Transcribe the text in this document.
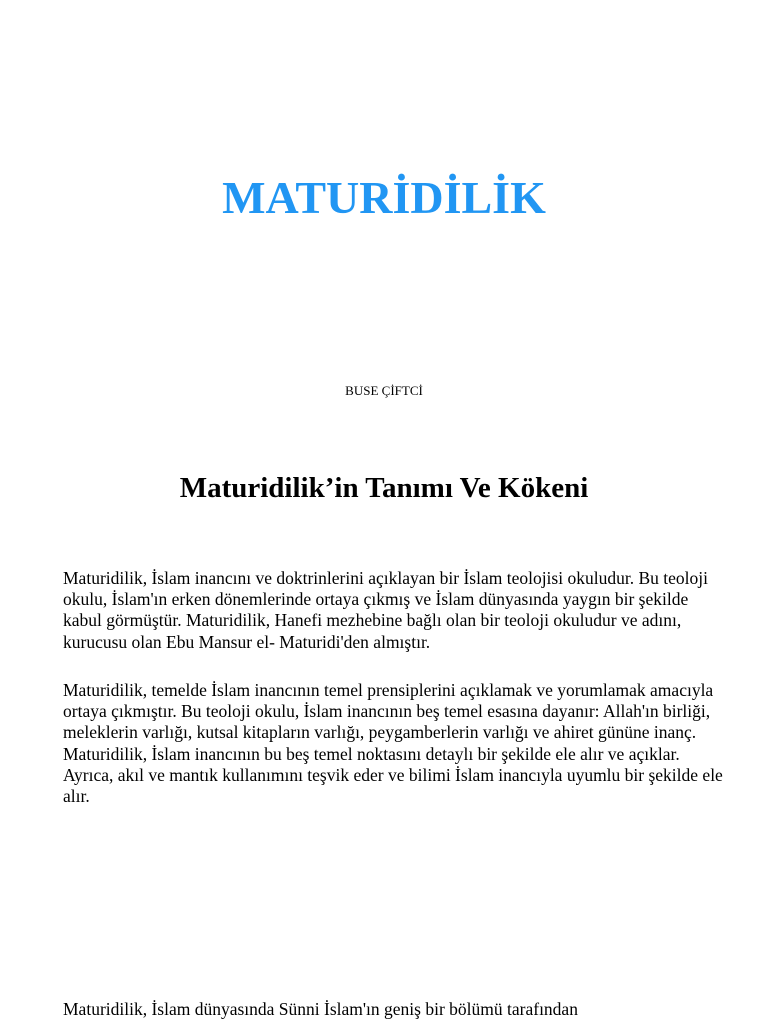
MATURİDİLİK

BUSE ÇİFTCİ

Maturidilik’in Tanımı Ve Kökeni

Maturidilik, İslam inancını ve doktrinlerini açıklayan bir İslam teolojisi okuludur. Bu teoloji okulu, İslam'ın erken dönemlerinde ortaya çıkmış ve İslam dünyasında yaygın bir şekilde kabul görmüştür. Maturidilik, Hanefi mezhebine bağlı olan bir teoloji okuludur ve adını, kurucusu olan Ebu Mansur el- Maturidi'den almıştır.

Maturidilik, temelde İslam inancının temel prensiplerini açıklamak ve yorumlamak amacıyla ortaya çıkmıştır. Bu teoloji okulu, İslam inancının beş temel esasına dayanır: Allah'ın birliği, meleklerin varlığı, kutsal kitapların varlığı, peygamberlerin varlığı ve ahiret gününe inanç. Maturidilik, İslam inancının bu beş temel noktasını detaylı bir şekilde ele alır ve açıklar. Ayrıca, akıl ve mantık kullanımını teşvik eder ve bilimi İslam inancıyla uyumlu bir şekilde ele alır.

Maturidilik, İslam dünyasında Sünni İslam'ın geniş bir bölümü tarafından
